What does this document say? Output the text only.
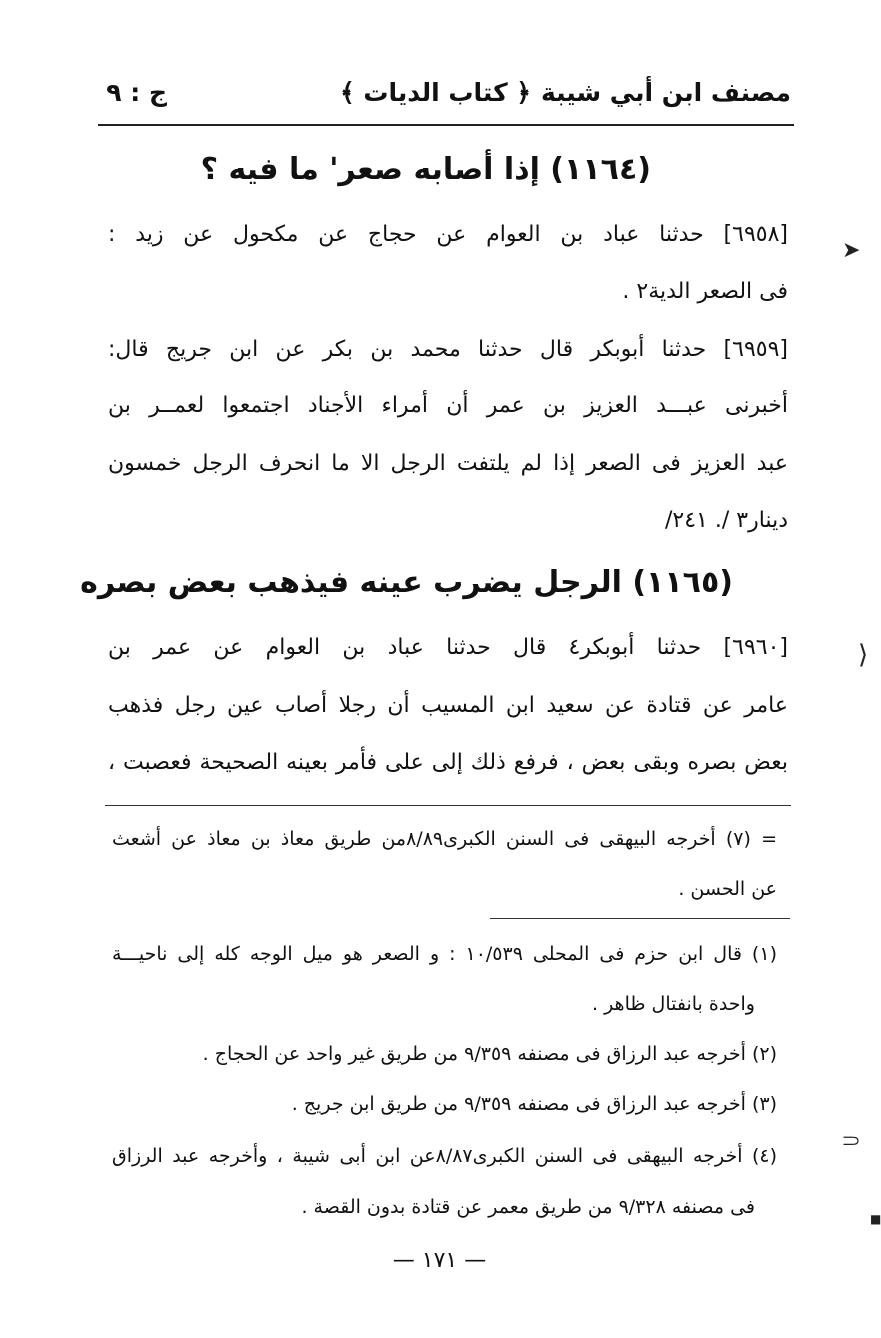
مصنف ابن أبي شيبة
﴿ كتاب الديات ﴾
ج : ٩
(١١٦٤) إذا أصابه صعر' ما فيه ؟
[٦٩٥٨] حدثنا عباد بن العوام عن حجاج عن مكحول عن زيد :
فى الصعر الدية٢ .
[٦٩٥٩] حدثنا أبوبكر قال حدثنا محمد بن بكر عن ابن جريج قال:
أخبرنى عبـــد العزيز بن عمر أن أمراء الأجناد اجتمعوا لعمــر بن
عبد العزيز فى الصعر إذا لم يلتفت الرجل الا ما انحرف الرجل خمسون
دينار٣ /. ٢٤١/
(١١٦٥) الرجل يضرب عينه فيذهب بعض بصره
[٦٩٦٠] حدثنا أبوبكر٤ قال حدثنا عباد بن العوام عن عمر بن
عامر عن قتادة عن سعيد ابن المسيب أن رجلا أصاب عين رجل فذهب
بعض بصره وبقى بعض ، فرفع ذلك إلى على فأمر بعينه الصحيحة فعصبت ،
= (٧) أخرجه البيهقى فى السنن الكبرى٨/٨٩من طريق معاذ بن معاذ عن أشعث
عن الحسن .
(١) قال ابن حزم فى المحلى ١٠/٥٣٩ : و الصعر هو ميل الوجه كله إلى ناحيـــة
واحدة بانفتال ظاهر .
(٢) أخرجه عبد الرزاق فى مصنفه ٩/٣٥٩ من طريق غير واحد عن الحجاج .
(٣) أخرجه عبد الرزاق فى مصنفه ٩/٣٥٩ من طريق ابن جريج .
(٤) أخرجه البيهقى فى السنن الكبرى٨/٨٧عن ابن أبى شيبة ، وأخرجه عبد الرزاق
فى مصنفه ٩/٣٢٨ من طريق معمر عن قتادة بدون القصة .
— ١٧١ —
➤
⟩
⸧
■
